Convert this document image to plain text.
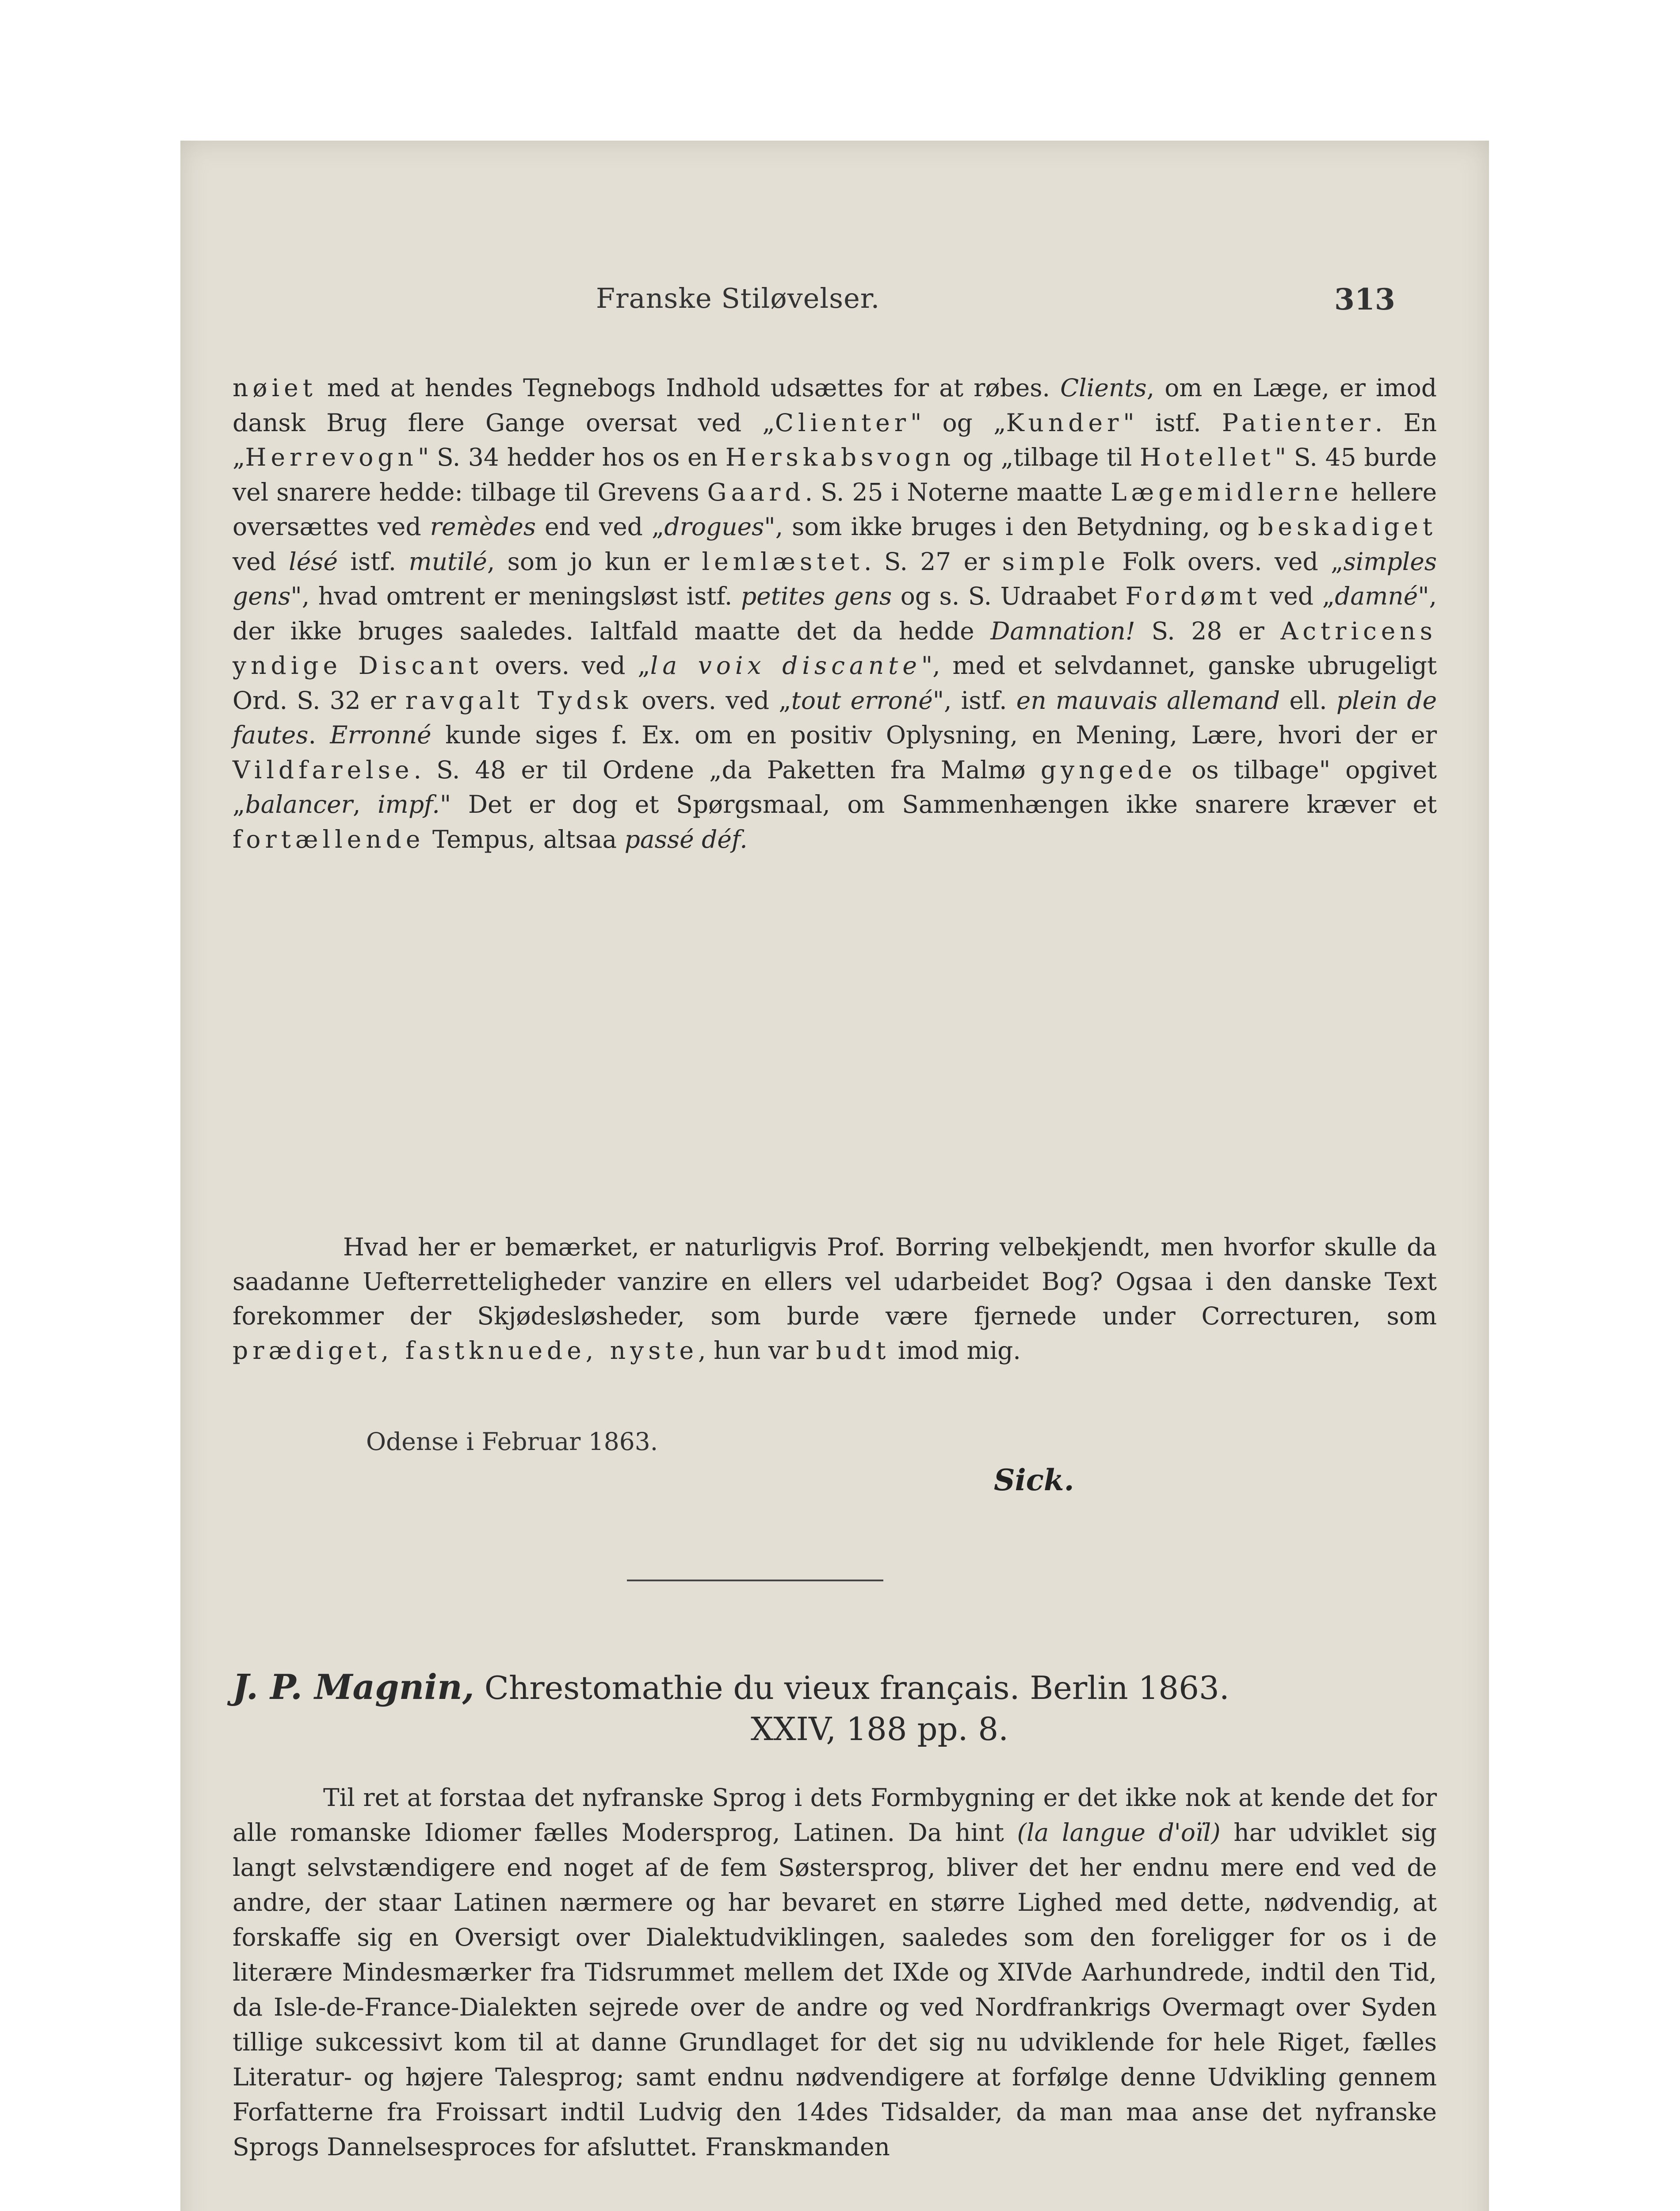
Franske Stiløvelser.	313
nøiet med at hendes Tegnebogs Indhold udsættes for at røbes. Clients, om en Læge, er imod dansk Brug flere Gange oversat ved „Clienter" og „Kunder" istf. Patienter. En „Herrevogn" S. 34 hedder hos os en Herskabsvogn og „tilbage til Hotellet" S. 45 burde vel snarere hedde: tilbage til Grevens Gaard. S. 25 i Noterne maatte Lægemidlerne hellere oversættes ved remèdes end ved „drogues", som ikke bruges i den Betydning, og beskadiget ved lésé istf. mutilé, som jo kun er lemlæstet. S. 27 er simple Folk overs. ved „simples gens", hvad omtrent er meningsløst istf. petites gens og s. S. Udraabet Fordømt ved „damné", der ikke bruges saaledes. Ialtfald maatte det da hedde Damnation! S. 28 er Actricens yndige Discant overs. ved „la voix discante", med et selvdannet, ganske ubrugeligt Ord. S. 32 er ravgalt Tydsk overs. ved „tout erroné", istf. en mauvais allemand ell. plein de fautes. Erronné kunde siges f. Ex. om en positiv Oplysning, en Mening, Lære, hvori der er Vildfarelse. S. 48 er til Ordene „da Paketten fra Malmø gyngede os tilbage" opgivet „balancer, impf." Det er dog et Spørgsmaal, om Sammenhængen ikke snarere kræver et fortællende Tempus, altsaa passé déf.
Hvad her er bemærket, er naturligvis Prof. Borring velbekjendt, men hvorfor skulle da saadanne Uefterretteligheder vanzire en ellers vel udarbeidet Bog? Ogsaa i den danske Text forekommer der Skjødesløsheder, som burde være fjernede under Correcturen, som prædiget, fastknuede, nyste, hun var budt imod mig.
Odense i Februar 1863.
Sick.
J. P. Magnin, Chrestomathie du vieux français. Berlin 1863.
XXIV, 188 pp. 8.
Til ret at forstaa det nyfranske Sprog i dets Formbygning er det ikke nok at kende det for alle romanske Idiomer fælles Modersprog, Latinen. Da hint (la langue d'oïl) har udviklet sig langt selvstændigere end noget af de fem Søstersprog, bliver det her endnu mere end ved de andre, der staar Latinen nærmere og har bevaret en større Lighed med dette, nødvendig, at forskaffe sig en Oversigt over Dialektudviklingen, saaledes som den foreligger for os i de literære Mindesmærker fra Tidsrummet mellem det IXde og XIVde Aarhundrede, indtil den Tid, da Isle-de-France-Dialekten sejrede over de andre og ved Nordfrankrigs Overmagt over Syden tillige sukcessivt kom til at danne Grundlaget for det sig nu udviklende for hele Riget, fælles Literatur- og højere Talesprog; samt endnu nødvendigere at forfølge denne Udvikling gennem Forfatterne fra Froissart indtil Ludvig den 14des Tidsalder, da man maa anse det nyfranske Sprogs Dannelsesproces for afsluttet. Franskmanden
